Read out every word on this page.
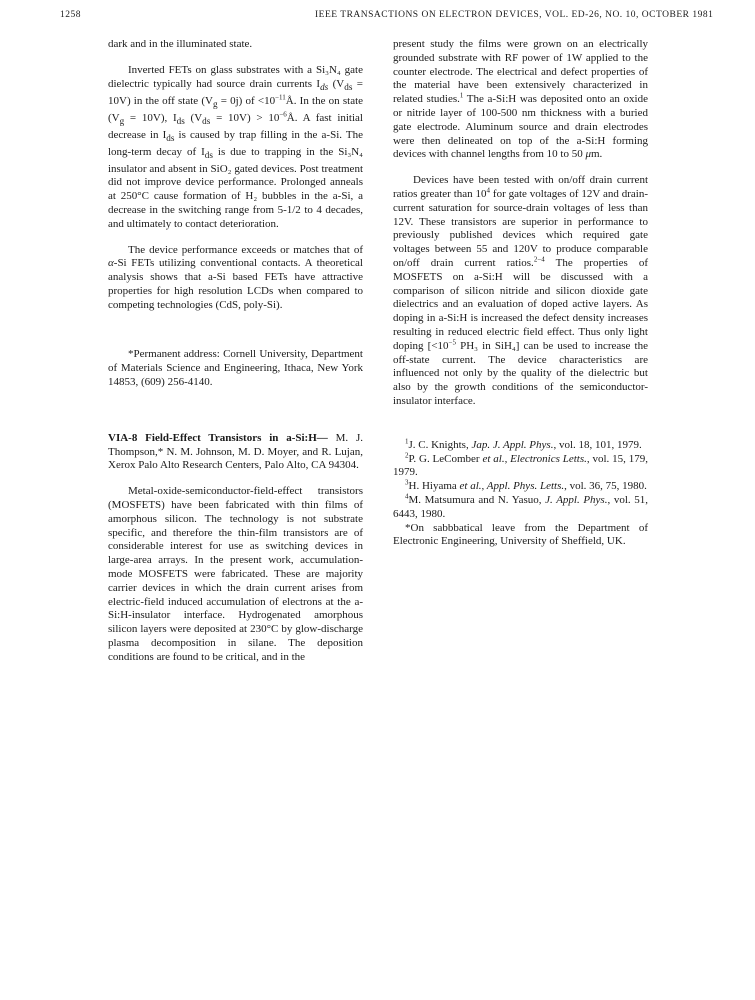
1258	IEEE TRANSACTIONS ON ELECTRON DEVICES, VOL. ED-26, NO. 10, OCTOBER 1981

dark and in the illuminated state.

Inverted FETs on glass substrates with a Si₃N₄ gate dielectric typically had source drain currents $I_{ds}$ $(V_{ds} = 10V)$ in the off state $(V_g = 0j)$ of $<10^{-11}Å$. In the on state $(V_g = 10V)$, $I_{ds}$ $(V_{ds} = 10V)$ > $10^{-6}Å$. A fast initial decrease in $I_{ds}$ is caused by trap filling in the a-Si. The long-term decay of $I_{ds}$ is due to trapping in the Si₃N₄ insulator and absent in SiO₂ gated devices. Post treatment did not improve device performance. Prolonged anneals at 250°C cause formation of H₂ bubbles in the a-Si, a decrease in the switching range from 5-1/2 to 4 decades, and ultimately to contact deterioration.

The device performance exceeds or matches that of α-Si FETs utilizing conventional contacts. A theoretical analysis shows that a-Si based FETs have attractive properties for high resolution LCDs when compared to competing technologies (CdS, poly-Si).

*Permanent address: Cornell University, Department of Materials Science and Engineering, Ithaca, New York 14853, (609) 256-4140.

VIA-8 Field-Effect Transistors in a-Si:H— M. J. Thompson,* N. M. Johnson, M. D. Moyer, and R. Lujan, Xerox Palo Alto Research Centers, Palo Alto, CA 94304.

Metal-oxide-semiconductor-field-effect transistors (MOSFETS) have been fabricated with thin films of amorphous silicon. The technology is not substrate specific, and therefore the thin-film transistors are of considerable interest for use as switching devices in large-area arrays. In the present work, accumulation-mode MOSFETS were fabricated. These are majority carrier devices in which the drain current arises from electric-field induced accumulation of electrons at the a-Si:H-insulator interface. Hydrogenated amorphous silicon layers were deposited at 230°C by glow-discharge plasma decomposition in silane. The deposition conditions are found to be critical, and in the

present study the films were grown on an electrically grounded substrate with RF power of 1W applied to the counter electrode. The electrical and defect properties of the material have been extensively characterized in related studies.$^1$ The a-Si:H was deposited onto an oxide or nitride layer of 100-500 nm thickness with a buried gate electrode. Aluminum source and drain electrodes were then delineated on top of the a-Si:H forming devices with channel lengths from 10 to 50 μm.

Devices have been tested with on/off drain current ratios greater than $10^4$ for gate voltages of 12V and drain-current saturation for source-drain voltages of less than 12V. These transistors are superior in performance to previously published devices which required gate voltages between 55 and 120V to produce comparable on/off drain current ratios.$^{2-4}$ The properties of MOSFETS on a-Si:H will be discussed with a comparison of silicon nitride and silicon dioxide gate dielectrics and an evaluation of doped active layers. As doping in a-Si:H is increased the defect density increases resulting in reduced electric field effect. Thus only light doping [$<10^{-5}$ PH₃ in SiH₄] can be used to increase the off-state current. The device characteristics are influenced not only by the quality of the dielectric but also by the growth conditions of the semiconductor-insulator interface.

$^1$J. C. Knights, Jap. J. Appl. Phys., vol. 18, 101, 1979.

$^2$P. G. LeComber et al., Electronics Letts., vol. 15, 179, 1979.

$^3$H. Hiyama et al., Appl. Phys. Letts., vol. 36, 75, 1980.

$^4$M. Matsumura and N. Yasuo, J. Appl. Phys., vol. 51, 6443, 1980.

*On sabbbatical leave from the Department of Electronic Engineering, University of Sheffield, UK.
